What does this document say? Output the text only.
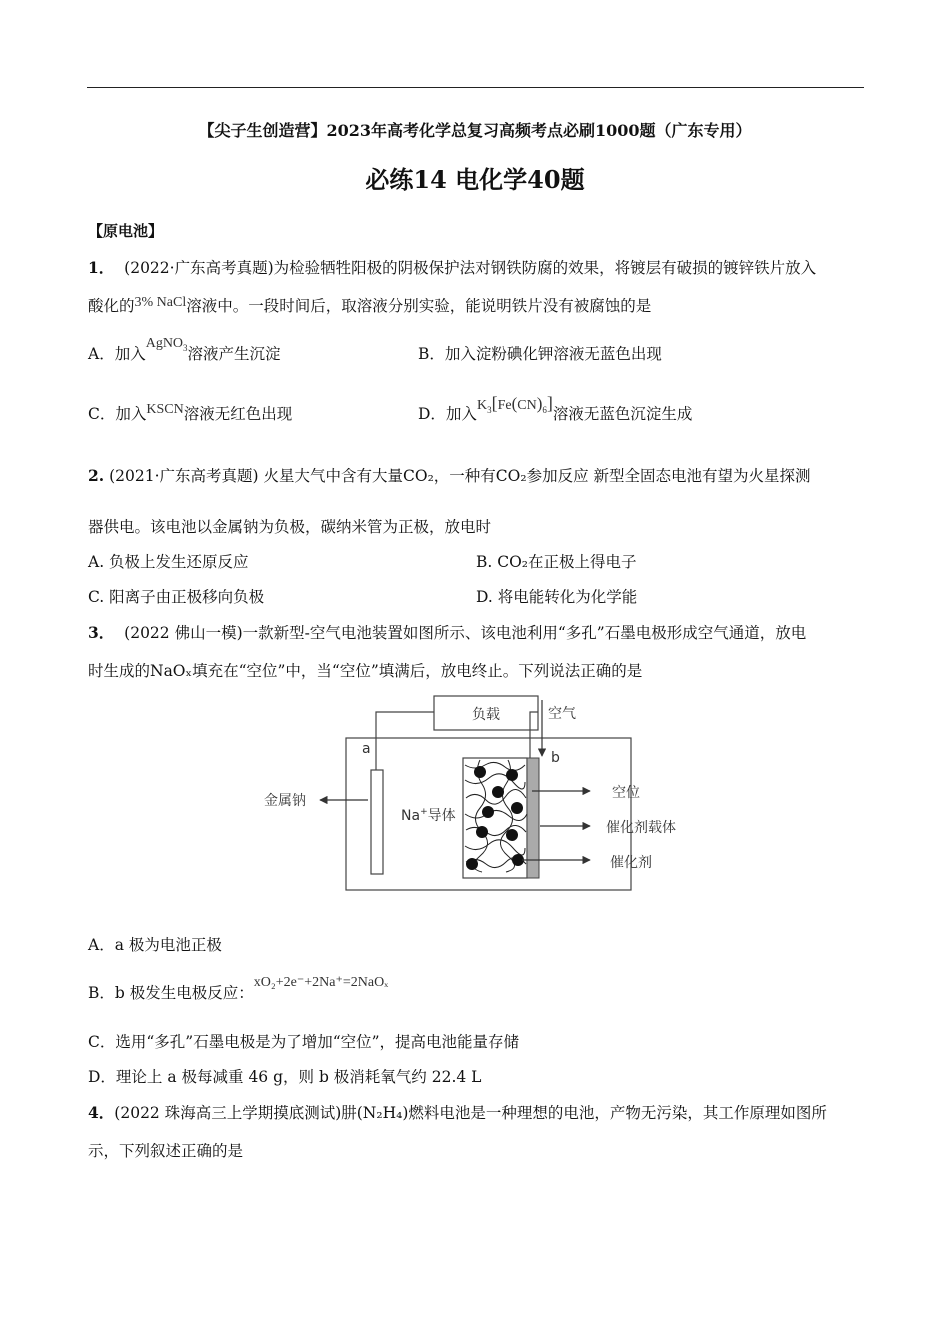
【尖子生创造营】2023年高考化学总复习高频考点必刷1000题（广东专用）
必练14 电化学40题
【原电池】
1． (2022·广东高考真题)为检验牺牲阳极的阴极保护法对钢铁防腐的效果，将镀层有破损的镀锌铁片放入
酸化的3% NaCl溶液中。一段时间后，取溶液分别实验，能说明铁片没有被腐蚀的是
A．加入AgNO$_3$溶液产生沉淀	B．加入淀粉碘化钾溶液无蓝色出现
C．加入KSCN溶液无红色出现	D．加入$K_3[Fe(CN)_6]$溶液无蓝色沉淀生成
2. (2021·广东高考真题) 火星大气中含有大量CO₂，一种有CO₂参加反应 新型全固态电池有望为火星探测
器供电。该电池以金属钠为负极，碳纳米管为正极，放电时
A. 负极上发生还原反应	B. CO₂在正极上得电子
C. 阳离子由正极移向负极	D. 将电能转化为化学能
3． (2022 佛山一模)一款新型-空气电池装置如图所示、该电池利用“多孔”石墨电极形成空气通道，放电
时生成的NaOₓ填充在“空位”中，当“空位”填满后，放电终止。下列说法正确的是
负载	空气
a
金属钠
Na+导体
b
空位
催化剂载体
催化剂
A．a 极为电池正极
B．b 极发生电极反应：xO₂+2e⁻+2Na⁺=2NaOₓ
C．选用“多孔”石墨电极是为了增加“空位”，提高电池能量存储
D．理论上 a 极每减重 46 g，则 b 极消耗氧气约 22.4 L
4．(2022 珠海高三上学期摸底测试)肼(N₂H₄)燃料电池是一种理想的电池，产物无污染，其工作原理如图所
示，下列叙述正确的是
